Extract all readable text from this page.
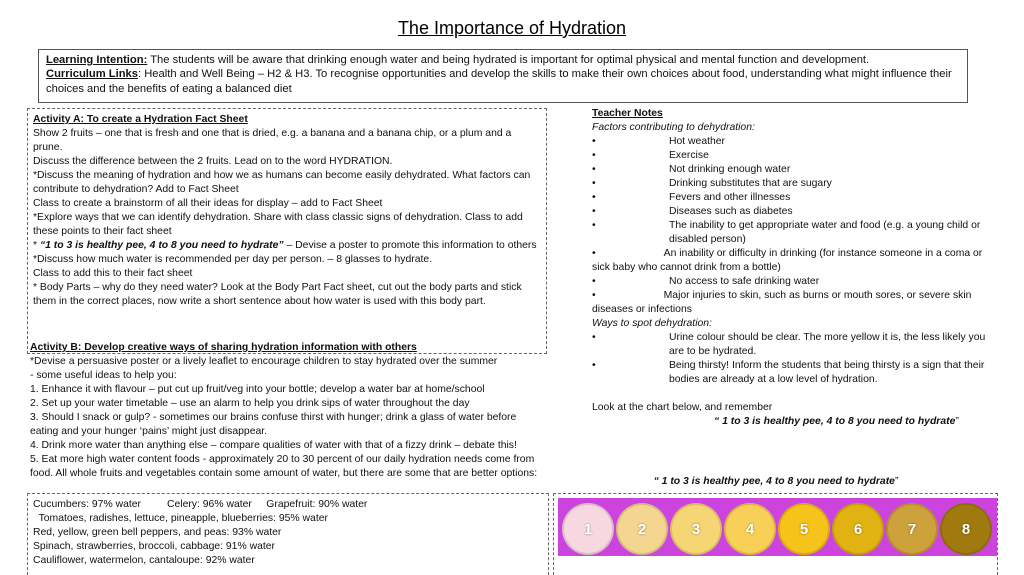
The Importance of Hydration
Learning Intention: The students will be aware that drinking enough water and being hydrated is important for optimal physical and mental function and development.
Curriculum Links: Health and Well Being – H2 & H3. To recognise opportunities and develop the skills to make their own choices about food, understanding what might influence their choices and the benefits of eating a balanced diet
Activity A: To create a Hydration Fact Sheet
Show 2 fruits – one that is fresh and one that is dried, e.g. a banana and a banana chip, or a plum and a prune.
Discuss the difference between the 2 fruits. Lead on to the word HYDRATION.
*Discuss the meaning of hydration and how we as humans can become easily dehydrated. What factors can contribute to dehydration? Add to Fact Sheet
Class to create a brainstorm of all their ideas for display – add to Fact Sheet
*Explore ways that we can identify dehydration. Share with class classic signs of dehydration. Class to add these points to their fact sheet
* “1 to 3 is healthy pee, 4 to 8 you need to hydrate” – Devise a poster to promote this information to others
*Discuss how much water is recommended per day per person. – 8 glasses to hydrate.
Class to add this to their fact sheet
* Body Parts – why do they need water? Look at the Body Part Fact sheet, cut out the body parts and stick them in the correct places, now write a short sentence about how water is used with this body part.
Activity B: Develop creative ways of sharing hydration information with others
*Devise a persuasive poster or a lively leaflet to encourage children to stay hydrated over the summer
- some useful ideas to help you:
1. Enhance it with flavour – put cut up fruit/veg into your bottle; develop a water bar at home/school
2. Set up your water timetable – use an alarm to help you drink sips of water throughout the day
3. Should I snack or gulp? - sometimes our brains confuse thirst with hunger; drink a glass of water before eating and your hunger ‘pains’ might just disappear.
4. Drink more water than anything else – compare qualities of water with that of a fizzy drink – debate this!
5. Eat more high water content foods - approximately 20 to 30 percent of our daily hydration needs come from food. All whole fruits and vegetables contain some amount of water, but there are some that are better options:
Cucumbers: 97% water         Celery: 96% water     Grapefruit: 90% water
Tomatoes, radishes, lettuce, pineapple, blueberries: 95% water
Red, yellow, green bell peppers, and peas: 93% water
Spinach, strawberries, broccoli, cabbage: 91% water
Cauliflower, watermelon, cantaloupe: 92% water
Teacher Notes
Factors contributing to dehydration:
•	Hot weather
•	Exercise
•	Not drinking enough water
•	Drinking substitutes that are sugary
•	Fevers and other illnesses
•	Diseases such as diabetes
•	The inability to get appropriate water and food (e.g. a young child or disabled person)
•	An inability or difficulty in drinking (for instance someone in a coma or sick baby who cannot drink from a bottle)
•	No access to safe drinking water
•	Major injuries to skin, such as burns or mouth sores, or severe skin diseases or infections
Ways to spot dehydration:
•	Urine colour should be clear. The more yellow it is, the less likely you are to be hydrated.
•	Being thirsty! Inform the students that being thirsty is a sign that their bodies are already at a low level of hydration.
Look at the chart below, and remember
“ 1 to 3 is healthy pee, 4 to 8 you need to hydrate”
“ 1 to 3 is healthy pee, 4 to 8 you need to hydrate”
1	2	3	4	5	6	7	8
